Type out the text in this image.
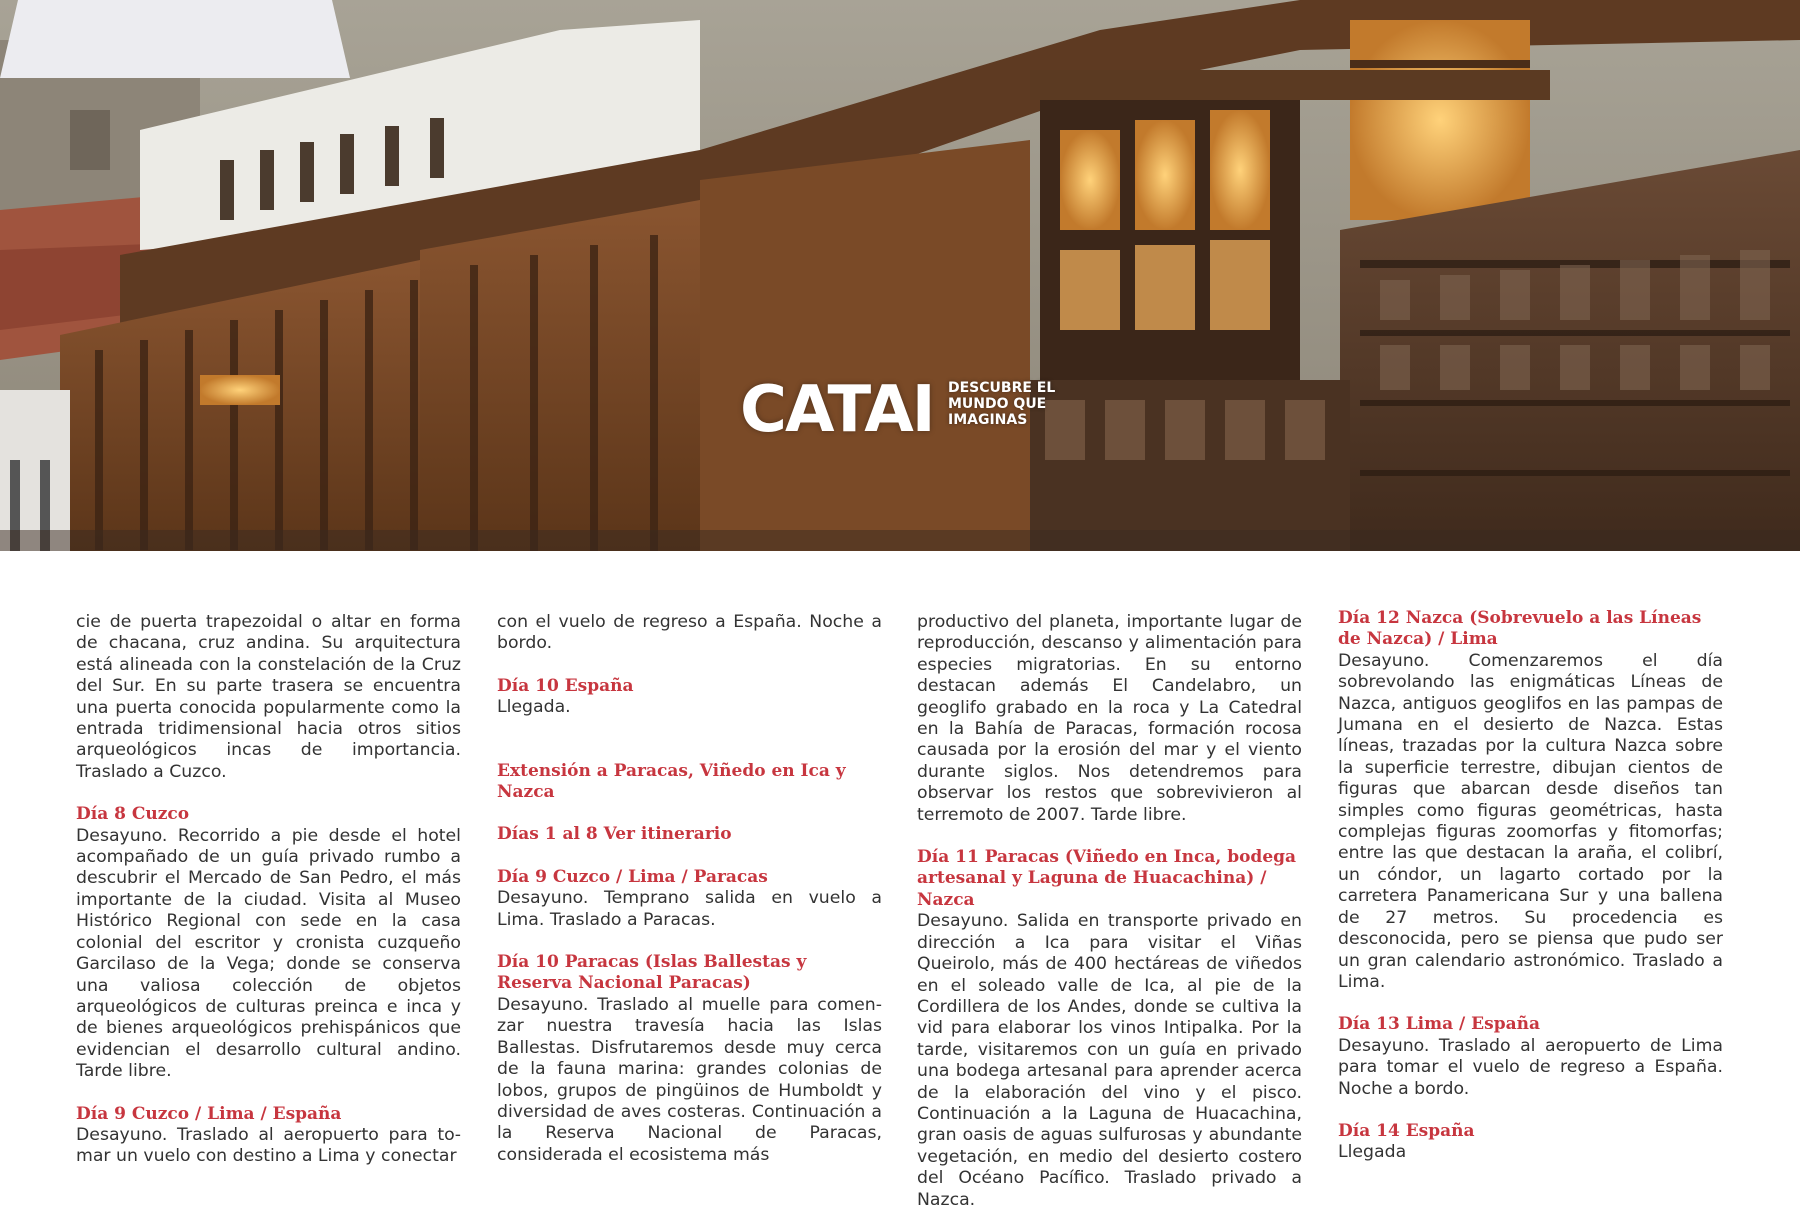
CATAI DESCUBRE EL MUNDO QUE IMAGINAS

cie de puerta trapezoidal o altar en forma de chacana, cruz andina. Su arquitectura está alineada con la constelación de la Cruz del Sur. En su parte trasera se encuentra una puerta conocida popularmente como la entrada tridimensional hacia otros sitios arqueológicos incas de importancia. Traslado a Cuzco.

Día 8 Cuzco

Desayuno. Recorrido a pie desde el hotel acompañado de un guía privado rumbo a descubrir el Mercado de San Pedro, el más importante de la ciudad. Visita al Museo Histórico Regional con sede en la casa colonial del escritor y cronista cuzqueño Garcilaso de la Vega; donde se conserva una valiosa colección de objetos arqueológicos de culturas preinca e inca y de bienes arqueológicos prehispánicos que evidencian el desarrollo cultural andino. Tarde libre.

Día 9 Cuzco / Lima / España

Desayuno. Traslado al aeropuerto para tomar un vuelo con destino a Lima y conectar

con el vuelo de regreso a España. Noche a bordo.

Día 10 España

Llegada.

Extensión a Paracas, Viñedo en Ica y Nazca
Días 1 al 8 Ver itinerario
Día 9 Cuzco / Lima / Paracas

Desayuno. Temprano salida en vuelo a Lima. Traslado a Paracas.

Día 10 Paracas (Islas Ballestas y Reserva Nacional Paracas)

Desayuno. Traslado al muelle para comenzar nuestra travesía hacia las Islas Ballestas. Disfrutaremos desde muy cerca de la fauna marina: grandes colonias de lobos, grupos de pingüinos de Humboldt y diversidad de aves costeras. Continuación a la Reserva Nacional de Paracas, considerada el ecosistema más

productivo del planeta, importante lugar de reproducción, descanso y alimentación para especies migratorias. En su entorno destacan además El Candelabro, un geoglifo grabado en la roca y La Catedral en la Bahía de Paracas, formación rocosa causada por la erosión del mar y el viento durante siglos. Nos detendremos para observar los restos que sobrevivieron al terremoto de 2007. Tarde libre.

Día 11 Paracas (Viñedo en Inca, bodega artesanal y Laguna de Huacachina) / Nazca

Desayuno. Salida en transporte privado en dirección a Ica para visitar el Viñas Queirolo, más de 400 hectáreas de viñedos en el soleado valle de Ica, al pie de la Cordillera de los Andes, donde se cultiva la vid para elaborar los vinos Intipalka. Por la tarde, visitaremos con un guía en privado una bodega artesanal para aprender acerca de la elaboración del vino y el pisco. Continuación a la Laguna de Huacachina, gran oasis de aguas sulfurosas y abundante vegetación, en medio del desierto costero del Océano Pacífico. Traslado privado a Nazca.

Día 12 Nazca (Sobrevuelo a las Líneas de Nazca) / Lima

Desayuno. Comenzaremos el día sobrevolando las enigmáticas Líneas de Nazca, antiguos geoglifos en las pampas de Jumana en el desierto de Nazca. Estas líneas, trazadas por la cultura Nazca sobre la superficie terrestre, dibujan cientos de figuras que abarcan desde diseños tan simples como figuras geométricas, hasta complejas figuras zoomorfas y fitomorfas; entre las que destacan la araña, el colibrí, un cóndor, un lagarto cortado por la carretera Panamericana Sur y una ballena de 27 metros. Su procedencia es desconocida, pero se piensa que pudo ser un gran calendario astronómico. Traslado a Lima.

Día 13 Lima / España

Desayuno. Traslado al aeropuerto de Lima para tomar el vuelo de regreso a España. Noche a bordo.

Día 14 España

Llegada
